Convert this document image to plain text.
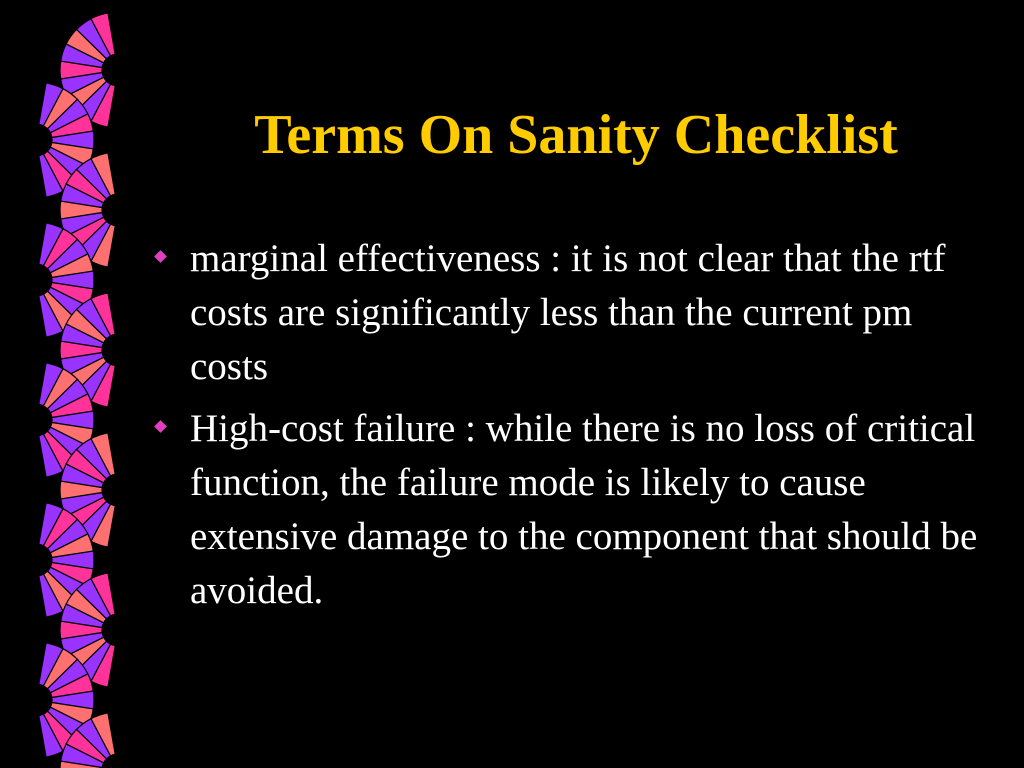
Terms On Sanity Checklist
marginal effectiveness : it is not clear that the rtf costs are significantly less than the current pm costs
High-cost failure : while there is no loss of critical function, the failure mode is likely to cause extensive damage to the component that should be avoided.
